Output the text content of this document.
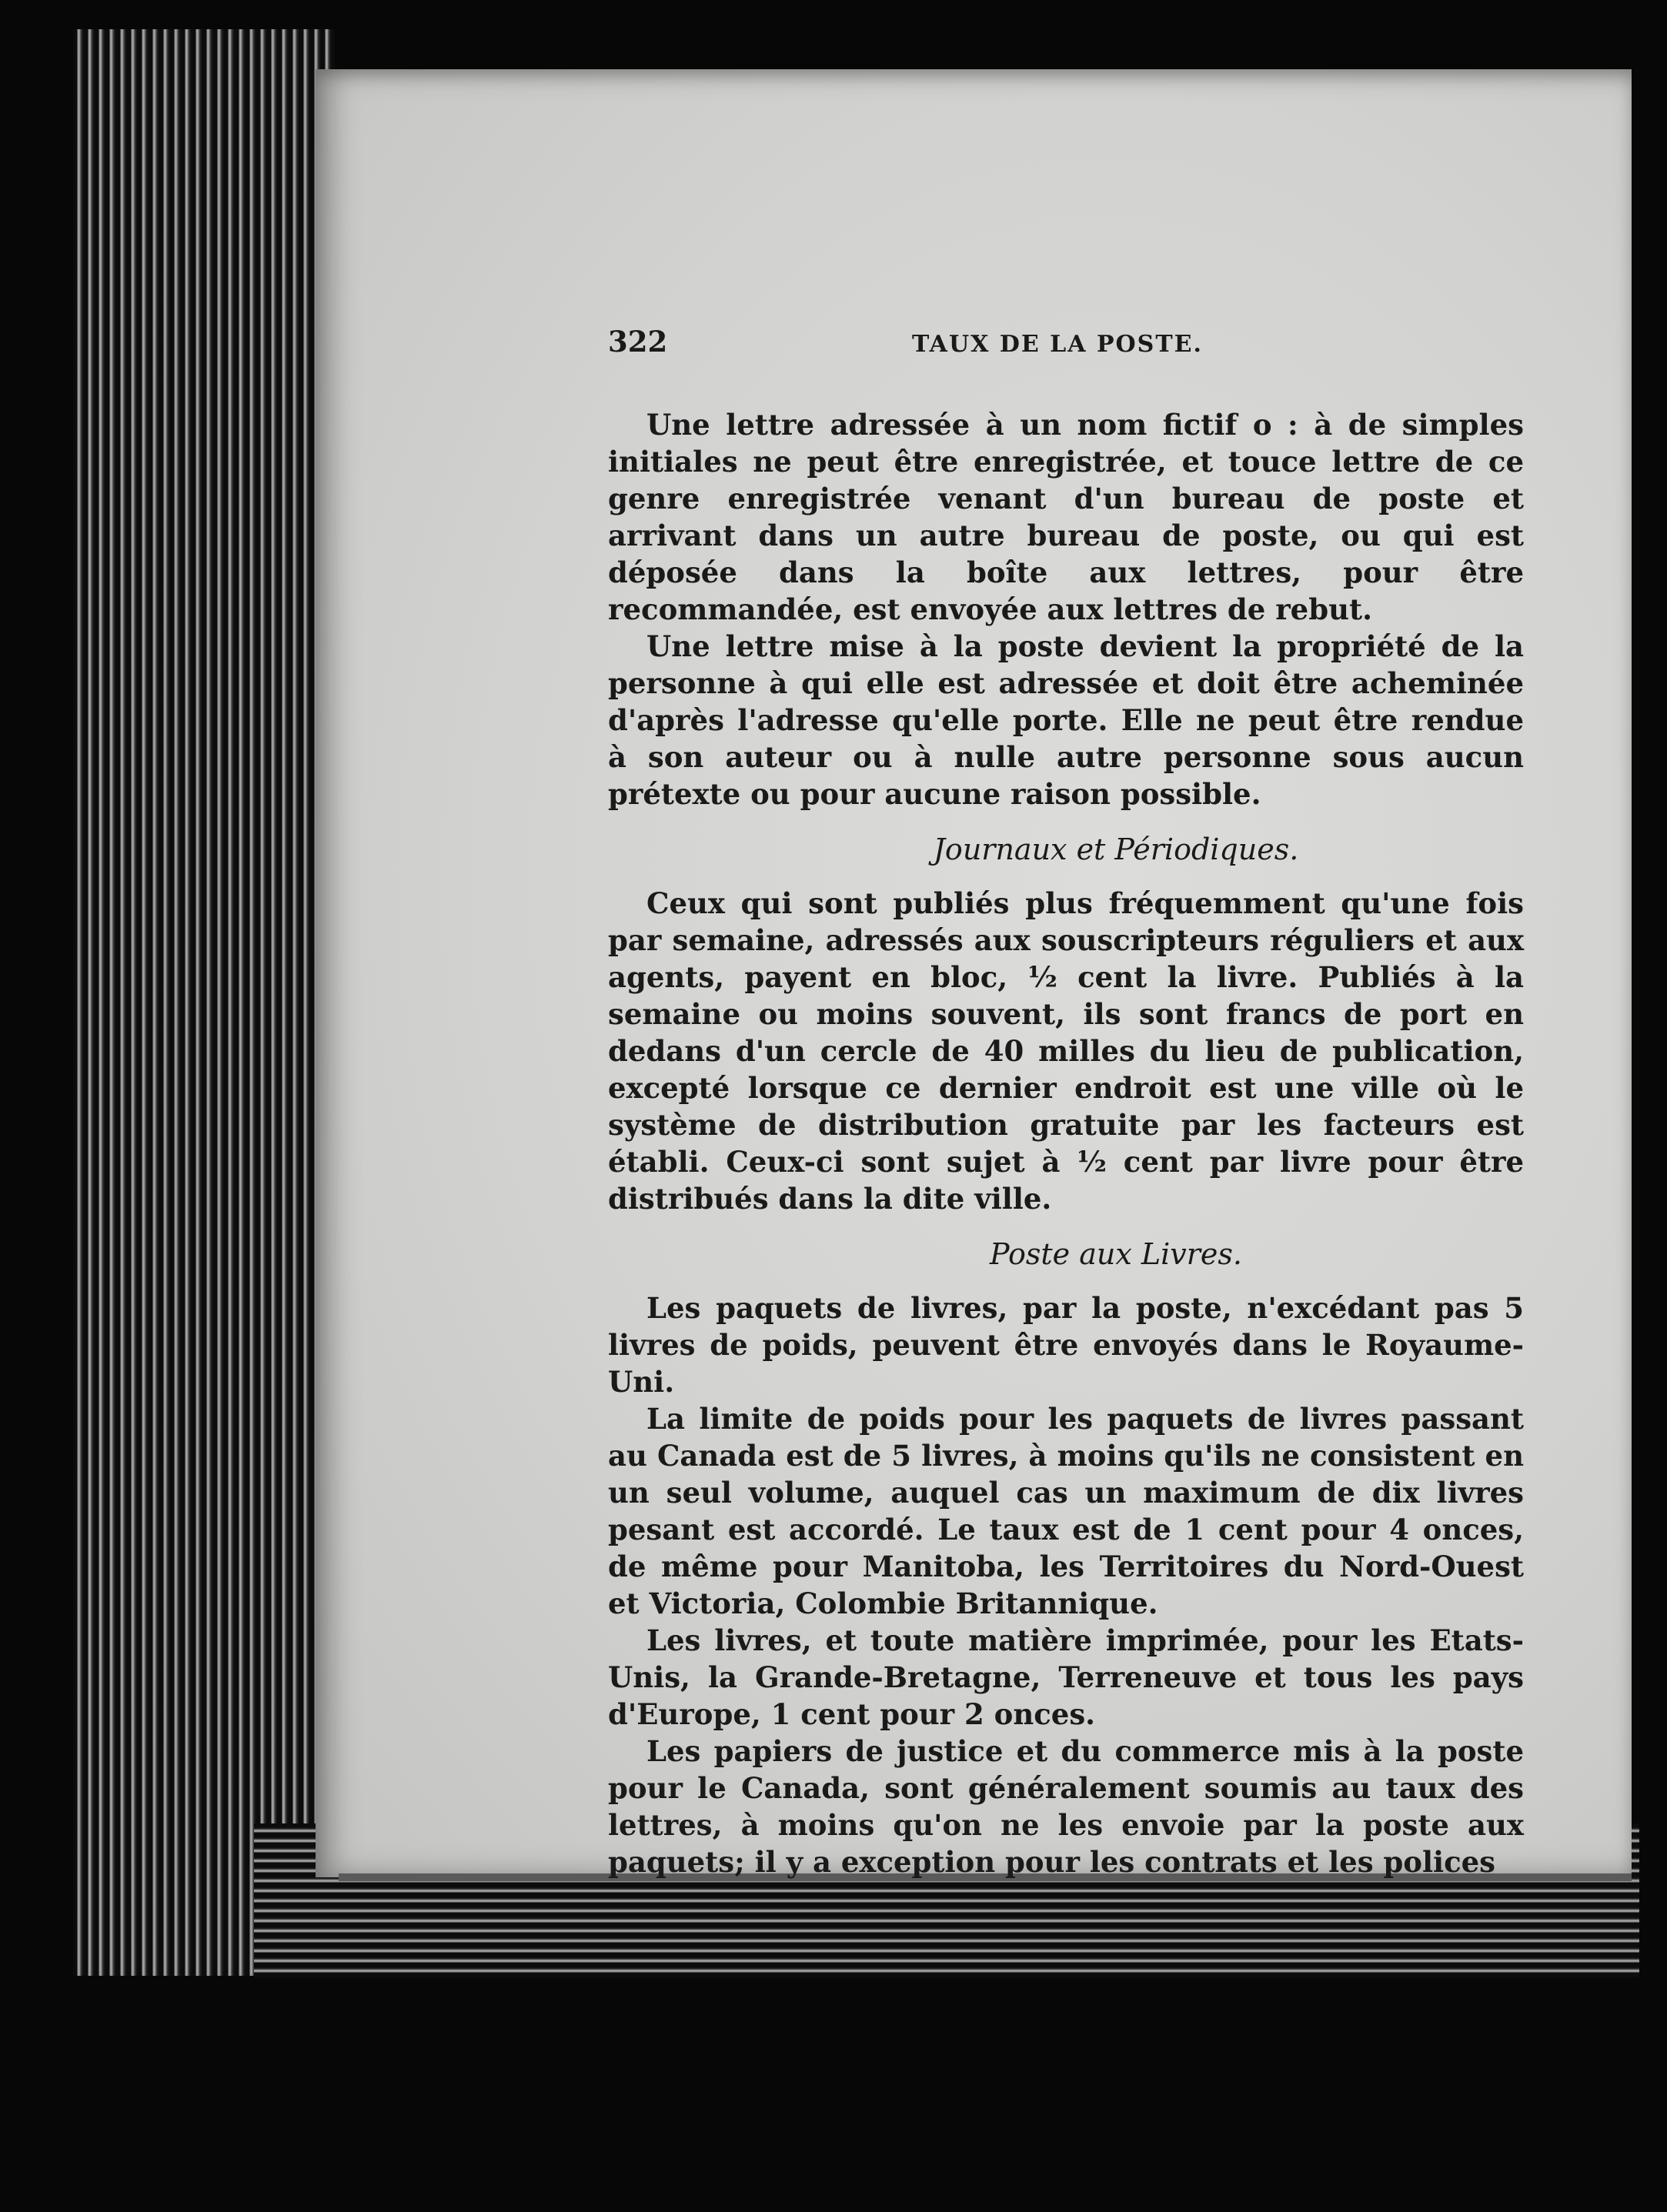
322	TAUX DE LA POSTE.

Une lettre adressée à un nom fictif o : à de simples initiales ne peut être enregistrée, et touce lettre de ce genre enregistrée venant d'un bureau de poste et arrivant dans un autre bureau de poste, ou qui est déposée dans la boîte aux lettres, pour être recommandée, est envoyée aux lettres de rebut.

Une lettre mise à la poste devient la propriété de la personne à qui elle est adressée et doit être acheminée d'après l'adresse qu'elle porte. Elle ne peut être rendue à son auteur ou à nulle autre personne sous aucun prétexte ou pour aucune raison possible.

Journaux et Périodiques.

Ceux qui sont publiés plus fréquemment qu'une fois par semaine, adressés aux souscripteurs réguliers et aux agents, payent en bloc, ½ cent la livre. Publiés à la semaine ou moins souvent, ils sont francs de port en dedans d'un cercle de 40 milles du lieu de publication, excepté lorsque ce dernier endroit est une ville où le système de distribution gratuite par les facteurs est établi. Ceux-ci sont sujet à ½ cent par livre pour être distribués dans la dite ville.

Poste aux Livres.

Les paquets de livres, par la poste, n'excédant pas 5 livres de poids, peuvent être envoyés dans le Royaume-Uni.

La limite de poids pour les paquets de livres passant au Canada est de 5 livres, à moins qu'ils ne consistent en un seul volume, auquel cas un maximum de dix livres pesant est accordé. Le taux est de 1 cent pour 4 onces, de même pour Manitoba, les Territoires du Nord-Ouest et Victoria, Colombie Britannique.

Les livres, et toute matière imprimée, pour les Etats-Unis, la Grande-Bretagne, Terreneuve et tous les pays d'Europe, 1 cent pour 2 onces.

Les papiers de justice et du commerce mis à la poste pour le Canada, sont généralement soumis au taux des lettres, à moins qu'on ne les envoie par la poste aux paquets; il y a exception pour les contrats et les polices
